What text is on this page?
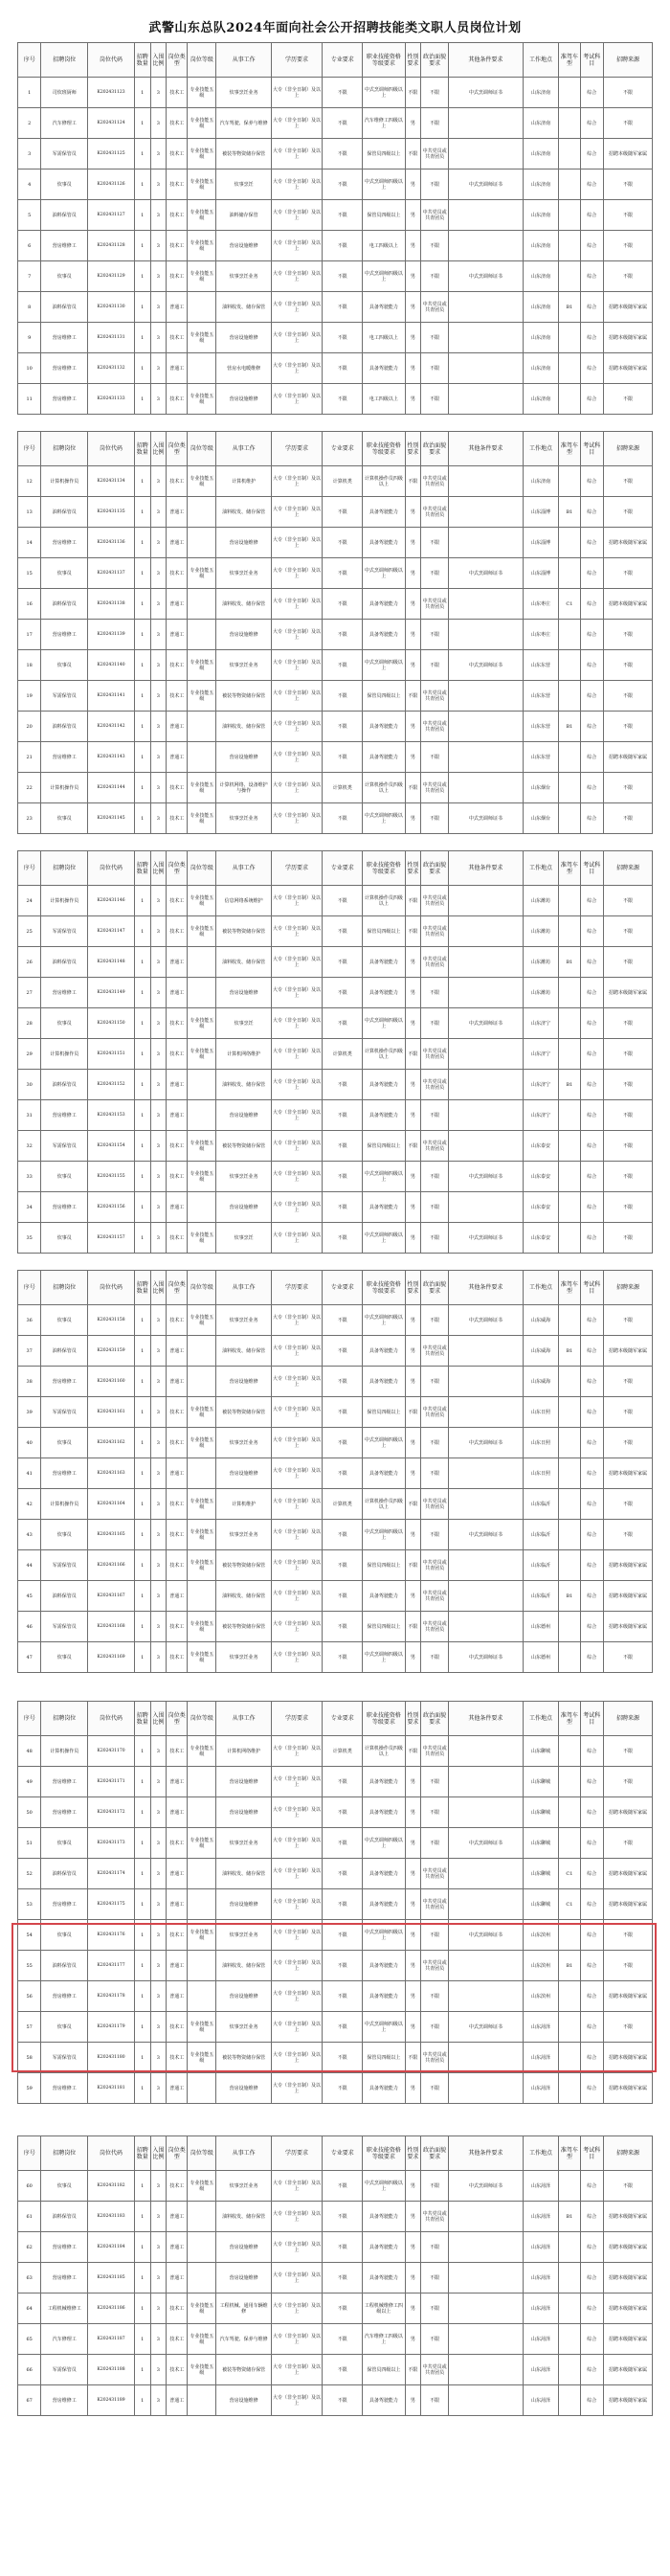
武警山东总队2024年面向社会公开招聘技能类文职人员岗位计划
序号	招聘岗位	岗位代码	招聘数量	入围比例	岗位类型	岗位等级	从事工作	学历要求	专业要求	职业技能资格等级要求	性别要求	政治面貌要求	其他条件要求	工作地点	准驾车型	考试科目	招聘来源
1	司炊班厨师	K202431123	1	3	技术工	专业技能五级	炊事烹饪业务	大专（非全日制）及以上	不限	中式烹调师四级以上	不限	不限	中式烹调师证书	山东济南		综合	不限
2	汽车修理工	K202431124	1	3	技术工	专业技能五级	汽车驾驶、保养与维修	大专（非全日制）及以上	不限	汽车维修工四级以上	男	不限		山东济南		综合	不限
3	军需保管员	K202431125	1	3	技术工	专业技能五级	被装等物资储存保管	大专（非全日制）及以上	不限	保管员四级以上	不限	中共党员或共青团员		山东济南		综合	招聘本级随军家属
4	炊事员	K202431126	1	3	技术工	专业技能五级	炊事烹饪	大专（非全日制）及以上	不限	中式烹调师四级以上	男	不限	中式烹调师证书	山东济南		综合	不限
5	油料保管员	K202431127	1	3	技术工	专业技能五级	油料储存保管	大专（非全日制）及以上	不限	保管员四级以上	男	中共党员或共青团员		山东济南		综合	不限
6	营房维修工	K202431128	1	3	技术工	专业技能五级	营房设施维修	大专（非全日制）及以上	不限	电工四级以上	男	不限		山东济南		综合	不限
7	炊事员	K202431129	1	3	技术工	专业技能五级	炊事烹饪业务	大专（非全日制）及以上	不限	中式烹调师四级以上	男	不限	中式烹调师证书	山东济南		综合	不限
8	油料保管员	K202431130	1	3	普通工		油料收发、储存保管	大专（非全日制）及以上	不限	具备驾驶能力	男	中共党员或共青团员		山东济南	B1	综合	招聘本级随军家属
9	营房维修工	K202431131	1	3	技术工	专业技能五级	营房设施维修	大专（非全日制）及以上	不限	电工四级以上	男	不限		山东济南		综合	招聘本级随军家属
10	营房维修工	K202431132	1	3	普通工		营房水电暖维修	大专（非全日制）及以上	不限	具备驾驶能力	男	不限		山东济南		综合	招聘本级随军家属
11	营房维修工	K202431133	1	3	技术工	专业技能五级	营房设施维修	大专（非全日制）及以上	不限	电工四级以上	男	不限		山东济南		综合	不限
序号	招聘岗位	岗位代码	招聘数量	入围比例	岗位类型	岗位等级	从事工作	学历要求	专业要求	职业技能资格等级要求	性别要求	政治面貌要求	其他条件要求	工作地点	准驾车型	考试科目	招聘来源
12	计算机操作员	K202431134	1	3	技术工	专业技能五级	计算机维护	大专（非全日制）及以上	计算机类	计算机操作员四级以上	不限	中共党员或共青团员		山东济南		综合	不限
13	油料保管员	K202431135	1	3	普通工		油料收发、储存保管	大专（非全日制）及以上	不限	具备驾驶能力	男	中共党员或共青团员		山东淄博	B1	综合	不限
14	营房维修工	K202431136	1	3	普通工		营房设施维修	大专（非全日制）及以上	不限	具备驾驶能力	男	不限		山东淄博		综合	招聘本级随军家属
15	炊事员	K202431137	1	3	技术工	专业技能五级	炊事烹饪业务	大专（非全日制）及以上	不限	中式烹调师四级以上	男	不限	中式烹调师证书	山东淄博		综合	不限
16	油料保管员	K202431138	1	3	普通工		油料收发、储存保管	大专（非全日制）及以上	不限	具备驾驶能力	男	中共党员或共青团员		山东枣庄	C1	综合	招聘本级随军家属
17	营房维修工	K202431139	1	3	普通工		营房设施维修	大专（非全日制）及以上	不限	具备驾驶能力	男	不限		山东枣庄		综合	不限
18	炊事员	K202431140	1	3	技术工	专业技能五级	炊事烹饪业务	大专（非全日制）及以上	不限	中式烹调师四级以上	男	不限	中式烹调师证书	山东东营		综合	不限
19	军需保管员	K202431141	1	3	技术工	专业技能五级	被装等物资储存保管	大专（非全日制）及以上	不限	保管员四级以上	不限	中共党员或共青团员		山东东营		综合	不限
20	油料保管员	K202431142	1	3	普通工		油料收发、储存保管	大专（非全日制）及以上	不限	具备驾驶能力	男	中共党员或共青团员		山东东营	B1	综合	不限
21	营房维修工	K202431143	1	3	普通工		营房设施维修	大专（非全日制）及以上	不限	具备驾驶能力	男	不限		山东东营		综合	招聘本级随军家属
22	计算机操作员	K202431144	1	3	技术工	专业技能五级	计算机网络、设备维护与操作	大专（非全日制）及以上	计算机类	计算机操作员四级以上	不限	中共党员或共青团员		山东烟台		综合	不限
23	炊事员	K202431145	1	3	技术工	专业技能五级	炊事烹饪业务	大专（非全日制）及以上	不限	中式烹调师四级以上	男	不限	中式烹调师证书	山东烟台		综合	不限
序号	招聘岗位	岗位代码	招聘数量	入围比例	岗位类型	岗位等级	从事工作	学历要求	专业要求	职业技能资格等级要求	性别要求	政治面貌要求	其他条件要求	工作地点	准驾车型	考试科目	招聘来源
24	计算机操作员	K202431146	1	3	技术工	专业技能五级	信息网络系统维护	大专（非全日制）及以上	不限	计算机操作员四级以上	不限	中共党员或共青团员		山东潍坊		综合	不限
25	军需保管员	K202431147	1	3	技术工	专业技能五级	被装等物资储存保管	大专（非全日制）及以上	不限	保管员四级以上	不限	中共党员或共青团员		山东潍坊		综合	不限
26	油料保管员	K202431148	1	3	普通工		油料收发、储存保管	大专（非全日制）及以上	不限	具备驾驶能力	男	中共党员或共青团员		山东潍坊	B1	综合	不限
27	营房维修工	K202431149	1	3	普通工		营房设施维修	大专（非全日制）及以上	不限	具备驾驶能力	男	不限		山东潍坊		综合	招聘本级随军家属
28	炊事员	K202431150	1	3	技术工	专业技能五级	炊事烹饪	大专（非全日制）及以上	不限	中式烹调师四级以上	男	不限	中式烹调师证书	山东济宁		综合	不限
29	计算机操作员	K202431151	1	3	技术工	专业技能五级	计算机网络维护	大专（非全日制）及以上	计算机类	计算机操作员四级以上	不限	中共党员或共青团员		山东济宁		综合	不限
30	油料保管员	K202431152	1	3	普通工		油料收发、储存保管	大专（非全日制）及以上	不限	具备驾驶能力	男	中共党员或共青团员		山东济宁	B1	综合	不限
31	营房维修工	K202431153	1	3	普通工		营房设施维修	大专（非全日制）及以上	不限	具备驾驶能力	男	不限		山东济宁		综合	不限
32	军需保管员	K202431154	1	3	技术工	专业技能五级	被装等物资储存保管	大专（非全日制）及以上	不限	保管员四级以上	不限	中共党员或共青团员		山东泰安		综合	不限
33	炊事员	K202431155	1	3	技术工	专业技能五级	炊事烹饪业务	大专（非全日制）及以上	不限	中式烹调师四级以上	男	不限	中式烹调师证书	山东泰安		综合	不限
34	营房维修工	K202431156	1	3	普通工		营房设施维修	大专（非全日制）及以上	不限	具备驾驶能力	男	不限		山东泰安		综合	不限
35	炊事员	K202431157	1	3	技术工	专业技能五级	炊事烹饪	大专（非全日制）及以上	不限	中式烹调师四级以上	男	不限	中式烹调师证书	山东泰安		综合	不限
序号	招聘岗位	岗位代码	招聘数量	入围比例	岗位类型	岗位等级	从事工作	学历要求	专业要求	职业技能资格等级要求	性别要求	政治面貌要求	其他条件要求	工作地点	准驾车型	考试科目	招聘来源
36	炊事员	K202431158	1	3	技术工	专业技能五级	炊事烹饪业务	大专（非全日制）及以上	不限	中式烹调师四级以上	男	不限	中式烹调师证书	山东威海		综合	不限
37	油料保管员	K202431159	1	3	普通工		油料收发、储存保管	大专（非全日制）及以上	不限	具备驾驶能力	男	中共党员或共青团员		山东威海	B1	综合	招聘本级随军家属
38	营房维修工	K202431160	1	3	普通工		营房设施维修	大专（非全日制）及以上	不限	具备驾驶能力	男	不限		山东威海		综合	不限
39	军需保管员	K202431161	1	3	技术工	专业技能五级	被装等物资储存保管	大专（非全日制）及以上	不限	保管员四级以上	不限	中共党员或共青团员		山东日照		综合	不限
40	炊事员	K202431162	1	3	技术工	专业技能五级	炊事烹饪业务	大专（非全日制）及以上	不限	中式烹调师四级以上	男	不限	中式烹调师证书	山东日照		综合	不限
41	营房维修工	K202431163	1	3	普通工		营房设施维修	大专（非全日制）及以上	不限	具备驾驶能力	男	不限		山东日照		综合	招聘本级随军家属
42	计算机操作员	K202431164	1	3	技术工	专业技能五级	计算机维护	大专（非全日制）及以上	计算机类	计算机操作员四级以上	不限	中共党员或共青团员		山东临沂		综合	不限
43	炊事员	K202431165	1	3	技术工	专业技能五级	炊事烹饪业务	大专（非全日制）及以上	不限	中式烹调师四级以上	男	不限	中式烹调师证书	山东临沂		综合	不限
44	军需保管员	K202431166	1	3	技术工	专业技能五级	被装等物资储存保管	大专（非全日制）及以上	不限	保管员四级以上	不限	中共党员或共青团员		山东临沂		综合	招聘本级随军家属
45	油料保管员	K202431167	1	3	普通工		油料收发、储存保管	大专（非全日制）及以上	不限	具备驾驶能力	男	中共党员或共青团员		山东临沂	B1	综合	招聘本级随军家属
46	军需保管员	K202431168	1	3	技术工	专业技能五级	被装等物资储存保管	大专（非全日制）及以上	不限	保管员四级以上	不限	中共党员或共青团员		山东德州		综合	招聘本级随军家属
47	炊事员	K202431169	1	3	技术工	专业技能五级	炊事烹饪业务	大专（非全日制）及以上	不限	中式烹调师四级以上	男	不限	中式烹调师证书	山东德州		综合	不限
序号	招聘岗位	岗位代码	招聘数量	入围比例	岗位类型	岗位等级	从事工作	学历要求	专业要求	职业技能资格等级要求	性别要求	政治面貌要求	其他条件要求	工作地点	准驾车型	考试科目	招聘来源
48	计算机操作员	K202431170	1	3	技术工	专业技能五级	计算机网络维护	大专（非全日制）及以上	计算机类	计算机操作员四级以上	不限	中共党员或共青团员		山东聊城		综合	不限
49	营房维修工	K202431171	1	3	普通工		营房设施维修	大专（非全日制）及以上	不限	具备驾驶能力	男	不限		山东聊城		综合	不限
50	营房维修工	K202431172	1	3	普通工		营房设施维修	大专（非全日制）及以上	不限	具备驾驶能力	男	不限		山东聊城		综合	招聘本级随军家属
51	炊事员	K202431173	1	3	技术工	专业技能五级	炊事烹饪业务	大专（非全日制）及以上	不限	中式烹调师四级以上	男	不限	中式烹调师证书	山东聊城		综合	不限
52	油料保管员	K202431174	1	3	普通工		油料收发、储存保管	大专（非全日制）及以上	不限	具备驾驶能力	男	中共党员或共青团员		山东聊城	C1	综合	招聘本级随军家属
53	营房维修工	K202431175	1	3	普通工		营房设施维修	大专（非全日制）及以上	不限	具备驾驶能力	男	中共党员或共青团员		山东聊城	C1	综合	招聘本级随军家属
54	炊事员	K202431176	1	3	技术工	专业技能五级	炊事烹饪业务	大专（非全日制）及以上	不限	中式烹调师四级以上	男	不限	中式烹调师证书	山东滨州		综合	不限
55	油料保管员	K202431177	1	3	普通工		油料收发、储存保管	大专（非全日制）及以上	不限	具备驾驶能力	男	中共党员或共青团员		山东滨州	B1	综合	不限
56	营房维修工	K202431178	1	3	普通工		营房设施维修	大专（非全日制）及以上	不限	具备驾驶能力	男	不限		山东滨州		综合	招聘本级随军家属
57	炊事员	K202431179	1	3	技术工	专业技能五级	炊事烹饪业务	大专（非全日制）及以上	不限	中式烹调师四级以上	男	不限	中式烹调师证书	山东菏泽		综合	不限
58	军需保管员	K202431180	1	3	技术工	专业技能五级	被装等物资储存保管	大专（非全日制）及以上	不限	保管员四级以上	不限	中共党员或共青团员		山东菏泽		综合	招聘本级随军家属
59	营房维修工	K202431181	1	3	普通工		营房设施维修	大专（非全日制）及以上	不限	具备驾驶能力	男	不限		山东菏泽		综合	招聘本级随军家属
序号	招聘岗位	岗位代码	招聘数量	入围比例	岗位类型	岗位等级	从事工作	学历要求	专业要求	职业技能资格等级要求	性别要求	政治面貌要求	其他条件要求	工作地点	准驾车型	考试科目	招聘来源
60	炊事员	K202431182	1	3	技术工	专业技能五级	炊事烹饪业务	大专（非全日制）及以上	不限	中式烹调师四级以上	男	不限	中式烹调师证书	山东菏泽		综合	不限
61	油料保管员	K202431183	1	3	普通工		油料收发、储存保管	大专（非全日制）及以上	不限	具备驾驶能力	男	中共党员或共青团员		山东菏泽	B1	综合	招聘本级随军家属
62	营房维修工	K202431184	1	3	普通工		营房设施维修	大专（非全日制）及以上	不限	具备驾驶能力	男	不限		山东菏泽		综合	招聘本级随军家属
63	营房维修工	K202431185	1	3	普通工		营房设施维修	大专（非全日制）及以上	不限	具备驾驶能力	男	不限		山东菏泽		综合	招聘本级随军家属
64	工程机械维修工	K202431186	1	3	技术工	专业技能五级	工程机械、通用车辆维修	大专（非全日制）及以上	不限	工程机械维修工四级以上	男	不限		山东菏泽		综合	招聘本级随军家属
65	汽车修理工	K202431187	1	3	技术工	专业技能五级	汽车驾驶、保养与维修	大专（非全日制）及以上	不限	汽车维修工四级以上	男	不限		山东菏泽		综合	招聘本级随军家属
66	军需保管员	K202431188	1	3	技术工	专业技能五级	被装等物资储存保管	大专（非全日制）及以上	不限	保管员四级以上	不限	中共党员或共青团员		山东菏泽		综合	招聘本级随军家属
67	营房维修工	K202431189	1	3	普通工		营房设施维修	大专（非全日制）及以上	不限	具备驾驶能力	男	不限		山东菏泽		综合	招聘本级随军家属
